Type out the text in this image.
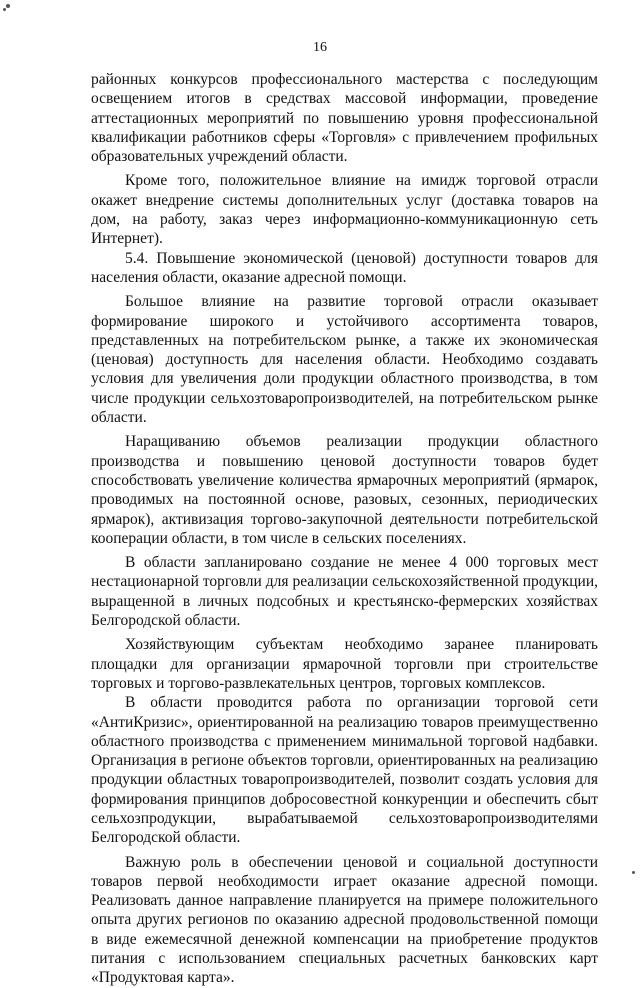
16

районных конкурсов профессионального мастерства с последующим освещением итогов в средствах массовой информации, проведение аттестационных мероприятий по повышению уровня профессиональной квалификации работников сферы «Торговля» с привлечением профильных образовательных учреждений области.

Кроме того, положительное влияние на имидж торговой отрасли окажет внедрение системы дополнительных услуг (доставка товаров на дом, на работу, заказ через информационно-коммуникационную сеть Интернет).

5.4. Повышение экономической (ценовой) доступности товаров для населения области, оказание адресной помощи.

Большое влияние на развитие торговой отрасли оказывает формирование широкого и устойчивого ассортимента товаров, представленных на потребительском рынке, а также их экономическая (ценовая) доступность для населения области. Необходимо создавать условия для увеличения доли продукции областного производства, в том числе продукции сельхозтоваропроизводителей, на потребительском рынке области.

Наращиванию объемов реализации продукции областного производства и повышению ценовой доступности товаров будет способствовать увеличение количества ярмарочных мероприятий (ярмарок, проводимых на постоянной основе, разовых, сезонных, периодических ярмарок), активизация торгово-закупочной деятельности потребительской кооперации области, в том числе в сельских поселениях.

В области запланировано создание не менее 4 000 торговых мест нестационарной торговли для реализации сельскохозяйственной продукции, выращенной в личных подсобных и крестьянско-фермерских хозяйствах Белгородской области.

Хозяйствующим субъектам необходимо заранее планировать площадки для организации ярмарочной торговли при строительстве торговых и торгово-развлекательных центров, торговых комплексов.

В области проводится работа по организации торговой сети «АнтиКризис», ориентированной на реализацию товаров преимущественно областного производства с применением минимальной торговой надбавки. Организация в регионе объектов торговли, ориентированных на реализацию продукции областных товаропроизводителей, позволит создать условия для формирования принципов добросовестной конкуренции и обеспечить сбыт сельхозпродукции, вырабатываемой сельхозтоваропроизводителями Белгородской области.

Важную роль в обеспечении ценовой и социальной доступности товаров первой необходимости играет оказание адресной помощи. Реализовать данное направление планируется на примере положительного опыта других регионов по оказанию адресной продовольственной помощи в виде ежемесячной денежной компенсации на приобретение продуктов питания с использованием специальных расчетных банковских карт «Продуктовая карта».
